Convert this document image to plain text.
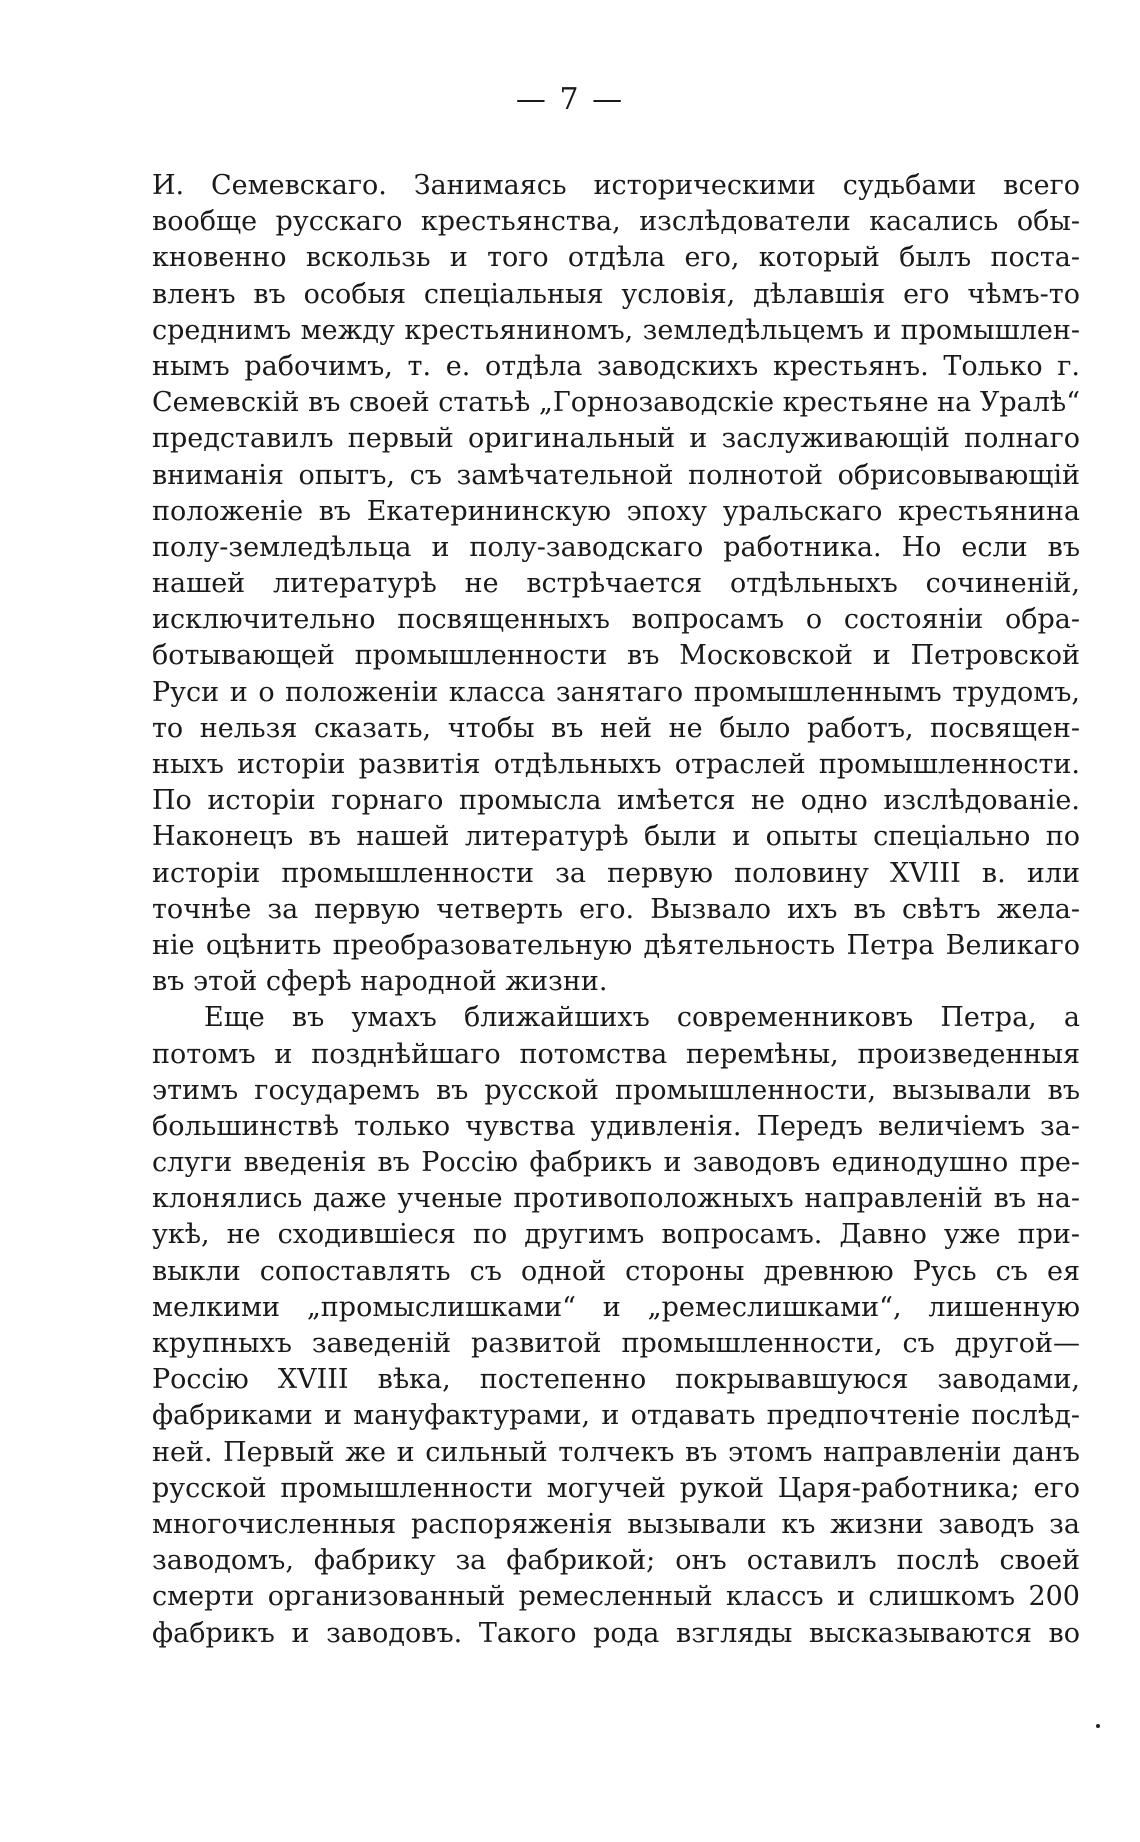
— 7 —
И. Семевскаго. Занимаясь историческими судьбами всего
вообще русскаго крестьянства, изслѣдователи касались обы-
кновенно вскользь и того отдѣла его, который былъ поста-
вленъ въ особыя спеціальныя условія, дѣлавшія его чѣмъ-то
среднимъ между крестьяниномъ, земледѣльцемъ и промышлен-
нымъ рабочимъ, т. е. отдѣла заводскихъ крестьянъ. Только г.
Семевскій въ своей статьѣ „Горнозаводскіе крестьяне на Уралѣ“
представилъ первый оригинальный и заслуживающій полнаго
вниманія опытъ, съ замѣчательной полнотой обрисовывающій
положеніе въ Екатерининскую эпоху уральскаго крестьянина
полу-земледѣльца и полу-заводскаго работника. Но если въ
нашей литературѣ не встрѣчается отдѣльныхъ сочиненій,
исключительно посвященныхъ вопросамъ о состояніи обра-
ботывающей промышленности въ Московской и Петровской
Руси и о положеніи класса занятаго промышленнымъ трудомъ,
то нельзя сказать, чтобы въ ней не было работъ, посвящен-
ныхъ исторіи развитія отдѣльныхъ отраслей промышленности.
По исторіи горнаго промысла имѣется не одно изслѣдованіе.
Наконецъ въ нашей литературѣ были и опыты спеціально по
исторіи промышленности за первую половину XVIII в. или
точнѣе за первую четверть его. Вызвало ихъ въ свѣтъ жела-
ніе оцѣнить преобразовательную дѣятельность Петра Великаго
въ этой сферѣ народной жизни.
Еще въ умахъ ближайшихъ современниковъ Петра, а
потомъ и позднѣйшаго потомства перемѣны, произведенныя
этимъ государемъ въ русской промышленности, вызывали въ
большинствѣ только чувства удивленія. Передъ величіемъ за-
слуги введенія въ Россію фабрикъ и заводовъ единодушно пре-
клонялись даже ученые противоположныхъ направленій въ на-
укѣ, не сходившіеся по другимъ вопросамъ. Давно уже при-
выкли сопоставлять съ одной стороны древнюю Русь съ ея
мелкими „промыслишками“ и „ремеслишками“, лишенную
крупныхъ заведеній развитой промышленности, съ другой—
Россію XVIII вѣка, постепенно покрывавшуюся заводами,
фабриками и мануфактурами, и отдавать предпочтеніе послѣд-
ней. Первый же и сильный толчекъ въ этомъ направленіи данъ
русской промышленности могучей рукой Царя-работника; его
многочисленныя распоряженія вызывали къ жизни заводъ за
заводомъ, фабрику за фабрикой; онъ оставилъ послѣ своей
смерти организованный ремесленный классъ и слишкомъ 200
фабрикъ и заводовъ. Такого рода взгляды высказываются во
